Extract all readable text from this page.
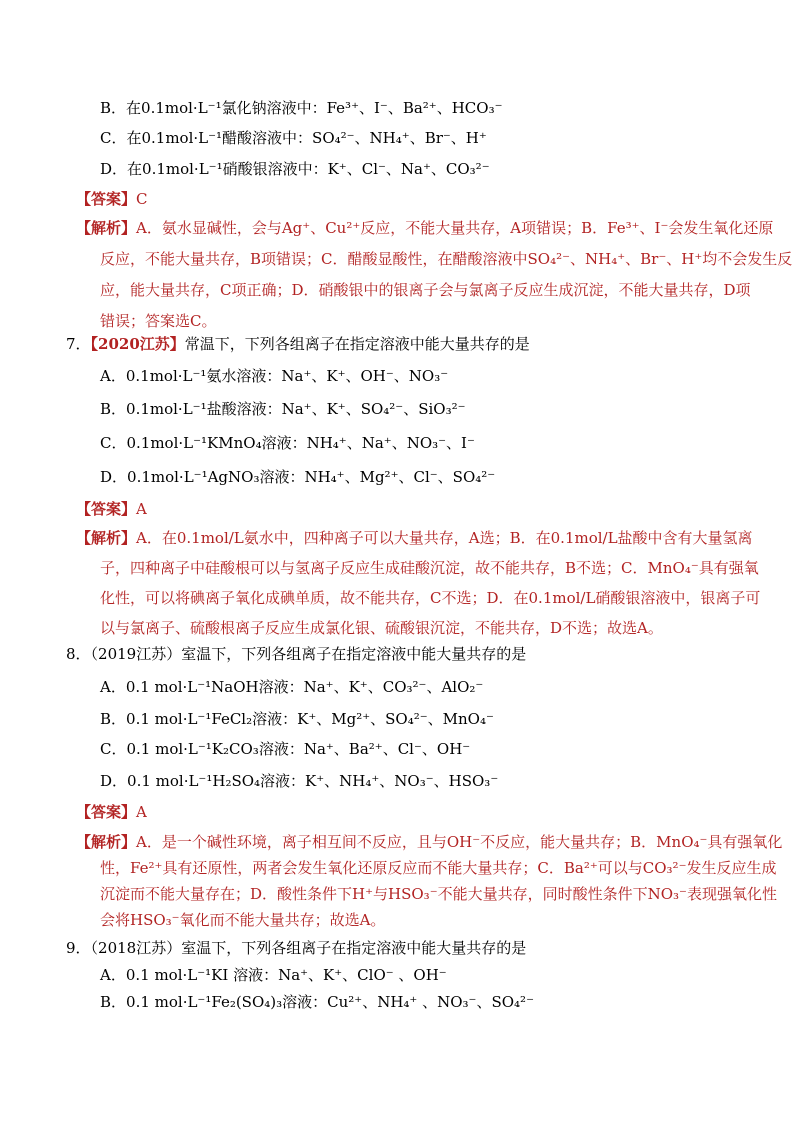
B．在0.1mol·L⁻¹氯化钠溶液中：Fe³⁺、I⁻、Ba²⁺、HCO₃⁻
C．在0.1mol·L⁻¹醋酸溶液中：SO₄²⁻、NH₄⁺、Br⁻、H⁺
D．在0.1mol·L⁻¹硝酸银溶液中：K⁺、Cl⁻、Na⁺、CO₃²⁻
【答案】C
【解析】A．氨水显碱性，会与Ag⁺、Cu²⁺反应，不能大量共存，A项错误；B．Fe³⁺、I⁻会发生氧化还原
反应，不能大量共存，B项错误；C．醋酸显酸性，在醋酸溶液中SO₄²⁻、NH₄⁺、Br⁻、H⁺均不会发生反
应，能大量共存，C项正确；D．硝酸银中的银离子会与氯离子反应生成沉淀，不能大量共存，D项
错误；答案选C。
7．【2020江苏】常温下，下列各组离子在指定溶液中能大量共存的是
A．0.1mol·L⁻¹氨水溶液：Na⁺、K⁺、OH⁻、NO₃⁻
B．0.1mol·L⁻¹盐酸溶液：Na⁺、K⁺、SO₄²⁻、SiO₃²⁻
C．0.1mol·L⁻¹KMnO₄溶液：NH₄⁺、Na⁺、NO₃⁻、I⁻
D．0.1mol·L⁻¹AgNO₃溶液：NH₄⁺、Mg²⁺、Cl⁻、SO₄²⁻
【答案】A
【解析】A．在0.1mol/L氨水中，四种离子可以大量共存，A选；B．在0.1mol/L盐酸中含有大量氢离
子，四种离子中硅酸根可以与氢离子反应生成硅酸沉淀，故不能共存，B不选；C．MnO₄⁻具有强氧
化性，可以将碘离子氧化成碘单质，故不能共存，C不选；D．在0.1mol/L硝酸银溶液中，银离子可
以与氯离子、硫酸根离子反应生成氯化银、硫酸银沉淀，不能共存，D不选；故选A。
8．（2019江苏）室温下，下列各组离子在指定溶液中能大量共存的是
A．0.1 mol·L⁻¹NaOH溶液：Na⁺、K⁺、CO₃²⁻、AlO₂⁻
B．0.1 mol·L⁻¹FeCl₂溶液：K⁺、Mg²⁺、SO₄²⁻、MnO₄⁻
C．0.1 mol·L⁻¹K₂CO₃溶液：Na⁺、Ba²⁺、Cl⁻、OH⁻
D．0.1 mol·L⁻¹H₂SO₄溶液：K⁺、NH₄⁺、NO₃⁻、HSO₃⁻
【答案】A
【解析】A．是一个碱性环境，离子相互间不反应，且与OH⁻不反应，能大量共存；B．MnO₄⁻具有强氧化
性，Fe²⁺具有还原性，两者会发生氧化还原反应而不能大量共存；C．Ba²⁺可以与CO₃²⁻发生反应生成
沉淀而不能大量存在；D．酸性条件下H⁺与HSO₃⁻不能大量共存，同时酸性条件下NO₃⁻表现强氧化性
会将HSO₃⁻氧化而不能大量共存；故选A。
9．（2018江苏）室温下，下列各组离子在指定溶液中能大量共存的是
A．0.1 mol·L⁻¹KI 溶液：Na⁺、K⁺、ClO⁻ 、OH⁻
B．0.1 mol·L⁻¹Fe₂(SO₄)₃溶液：Cu²⁺、NH₄⁺ 、NO₃⁻、SO₄²⁻
